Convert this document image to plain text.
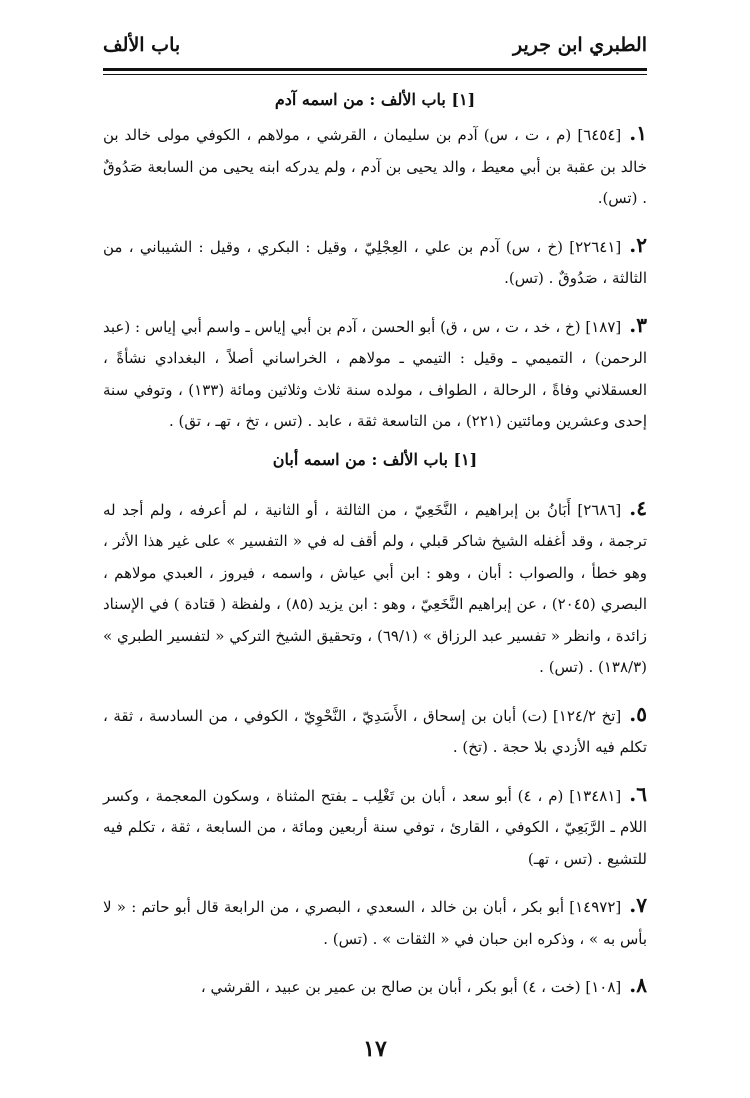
الطبري ابن جرير
باب الألف
[١] باب الألف : من اسمه آدم

١.[٦٤٥٤] (م ، ت ، س) آدم بن سليمان ، القرشي ، مولاهم ، الكوفي مولى خالد بن خالد بن عقبة بن أبي معيط ، والد يحيى بن آدم ، ولم يدركه ابنه يحيى من السابعة صَدُوقٌ . (تس).

٢.[٢٢٦٤١] (خ ، س) آدم بن علي ، العِجْلِيّ ، وقيل : البكري ، وقيل : الشيباني ، من الثالثة ، صَدُوقٌ . (تس).

٣.[١٨٧] (خ ، خد ، ت ، س ، ق) أبو الحسن ، آدم بن أبي إياس ـ واسم أبي إياس : (عبد الرحمن) ، التميمي ـ وقيل : التيمي ـ مولاهم ، الخراساني أصلاً ، البغدادي نشأةً ، العسقلاني وفاةً ، الرحالة ، الطواف ، مولده سنة ثلاث وثلاثين ومائة (١٣٣) ، وتوفي سنة إحدى وعشرين ومائتين (٢٢١) ، من التاسعة ثقة ، عابد . (تس ، تخ ، تهـ ، تق) .

[١] باب الألف : من اسمه أبان

٤.[٢٦٨٦] أَبَانُ بن إبراهيم ، النَّخَعِيّ ، من الثالثة ، أو الثانية ، لم أعرفه ، ولم أجد له ترجمة ، وقد أغفله الشيخ شاكر قبلي ، ولم أقف له في « التفسير » على غير هذا الأثر ، وهو خطأ ، والصواب : أبان ، وهو : ابن أبي عياش ، واسمه ، فيروز ، العبدي مولاهم ، البصري (٢٠٤٥) ، عن إبراهيم النَّخَعِيّ ، وهو : ابن يزيد (٨٥) ، ولفظة ( قتادة ) في الإسناد زائدة ، وانظر « تفسير عبد الرزاق » (٦٩/١) ، وتحقيق الشيخ التركي « لتفسير الطبري » (١٣٨/٣) . (تس) .

٥.[تخ ١٢٤/٢] (ت) أبان بن إسحاق ، الأَسَدِيّ ، النَّحْوِيّ ، الكوفي ، من السادسة ، ثقة ، تكلم فيه الأزدي بلا حجة . (تخ) .

٦.[١٣٤٨١] (م ، ٤) أبو سعد ، أبان بن تَغْلِب ـ بفتح المثناة ، وسكون المعجمة ، وكسر اللام ـ الرَّبَعِيّ ، الكوفي ، القارئ ، توفي سنة أربعين ومائة ، من السابعة ، ثقة ، تكلم فيه للتشيع . (تس ، تهـ)

٧.[١٤٩٧٢] أبو بكر ، أبان بن خالد ، السعدي ، البصري ، من الرابعة قال أبو حاتم : « لا بأس به » ، وذكره ابن حبان في « الثقات » . (تس) .

٨.[١٠٨] (خت ، ٤) أبو بكر ، أبان بن صالح بن عمير بن عبيد ، القرشي ،

١٧
